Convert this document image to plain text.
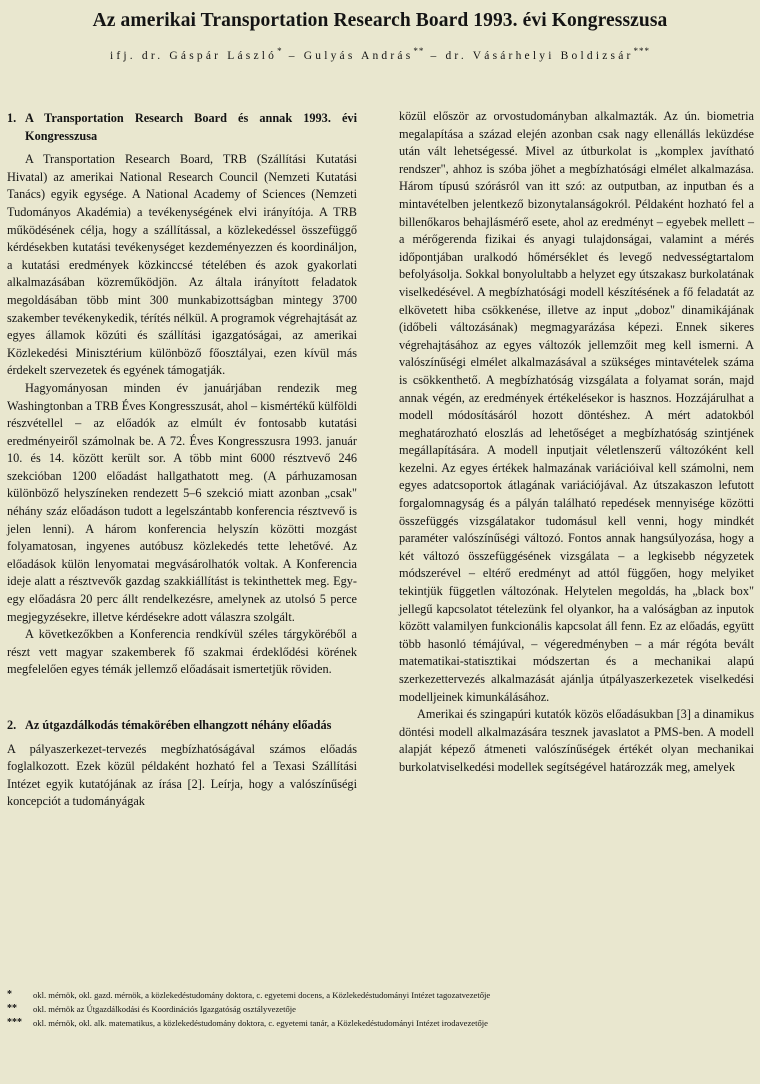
Az amerikai Transportation Research Board 1993. évi Kongresszusa
ifj. dr. Gáspár László* – Gulyás András** – dr. Vásárhelyi Boldizsár***
1. A Transportation Research Board és annak 1993. évi Kongresszusa

A Transportation Research Board, TRB (Szállítási Kutatási Hivatal) az amerikai National Research Council (Nemzeti Kutatási Tanács) egyik egysége. A National Academy of Sciences (Nemzeti Tudományos Akadémia) a tevékenységének elvi irányítója. A TRB működésének célja, hogy a szállítással, a közlekedéssel összefüggő kérdésekben kutatási tevékenységet kezdeményezzen és koordináljon, a kutatási eredmények közkinccsé tételében és azok gyakorlati alkalmazásában közreműködjön. Az általa irányított feladatok megoldásában több mint 300 munkabizottságban mintegy 3700 szakember tevékenykedik, térítés nélkül. A programok végrehajtását az egyes államok közúti és szállítási igazgatóságai, az amerikai Közlekedési Minisztérium különböző főosztályai, ezen kívül más érdekelt szervezetek és egyének támogatják.

Hagyományosan minden év januárjában rendezik meg Washingtonban a TRB Éves Kongresszusát, ahol – kismértékű külföldi részvétellel – az előadók az elmúlt év fontosabb kutatási eredményeiről számolnak be. A 72. Éves Kongresszusra 1993. január 10. és 14. között került sor. A több mint 6000 résztvevő 246 szekcióban 1200 előadást hallgathatott meg. (A párhuzamosan különböző helyszíneken rendezett 5–6 szekció miatt azonban „csak" néhány száz előadáson tudott a legelszántabb konferencia résztvevő is jelen lenni). A három konferencia helyszín közötti mozgást folyamatosan, ingyenes autóbusz közlekedés tette lehetővé. Az előadások külön lenyomatai megvásárolhatók voltak. A Konferencia ideje alatt a résztvevők gazdag szakkiállítást is tekinthettek meg. Egy-egy előadásra 20 perc állt rendelkezésre, amelynek az utolsó 5 perce megjegyzésekre, illetve kérdésekre adott válaszra szolgált.

A következőkben a Konferencia rendkívül széles tárgyköréből a részt vett magyar szakemberek fő szakmai érdeklődési körének megfelelően egyes témák jellemző előadásait ismertetjük röviden.

2. Az útgazdálkodás témakörében elhangzott néhány előadás

A pályaszerkezet-tervezés megbízhatóságával számos előadás foglalkozott. Ezek közül példaként hozható fel a Texasi Szállítási Intézet egyik kutatójának az írása [2]. Leírja, hogy a valószínűségi koncepciót a tudományágak

közül először az orvostudományban alkalmazták. Az ún. biometria megalapítása a század elején azonban csak nagy ellenállás leküzdése után vált lehetségessé. Mivel az útburkolat is „komplex javítható rendszer", ahhoz is szóba jöhet a megbízhatósági elmélet alkalmazása. Három típusú szórásról van itt szó: az outputban, az inputban és a mintavételben jelentkező bizonytalanságokról. Példaként hozható fel a billenőkaros behajlásmérő esete, ahol az eredményt – egyebek mellett – a mérőgerenda fizikai és anyagi tulajdonságai, valamint a mérés időpontjában uralkodó hőmérséklet és levegő nedvességtartalom befolyásolja. Sokkal bonyolultabb a helyzet egy útszakasz burkolatának viselkedésével. A megbízhatósági modell készítésének a fő feladatát az elkövetett hiba csökkenése, illetve az input „doboz" dinamikájának (időbeli változásának) megmagyarázása képezi. Ennek sikeres végrehajtásához az egyes változók jellemzőit meg kell ismerni. A valószínűségi elmélet alkalmazásával a szükséges mintavételek száma is csökkenthető. A megbízhatóság vizsgálata a folyamat során, majd annak végén, az eredmények értékelésekor is hasznos. Hozzájárulhat a modell módosításáról hozott döntéshez. A mért adatokból meghatározható eloszlás ad lehetőséget a megbízhatóság szintjének megállapítására. A modell inputjait véletlenszerű változóként kell kezelni. Az egyes értékek halmazának variációival kell számolni, nem egyes adatcsoportok átlagának variációjával. Az útszakaszon lefutott forgalomnagyság és a pályán található repedések mennyisége közötti összefüggés vizsgálatakor tudomásul kell venni, hogy mindkét paraméter valószínűségi változó. Fontos annak hangsúlyozása, hogy a két változó összefüggésének vizsgálata – a legkisebb négyzetek módszerével – eltérő eredményt ad attól függően, hogy melyiket tekintjük független változónak. Helytelen megoldás, ha „black box" jellegű kapcsolatot tételezünk fel olyankor, ha a valóságban az inputok között valamilyen funkcionális kapcsolat áll fenn. Ez az előadás, együtt több hasonló témájúval, – végeredményben – a már régóta bevált matematikai-statisztikai módszertan és a mechanikai alapú szerkezettervezés alkalmazását ajánlja útpályaszerkezetek viselkedési modelljeinek kimunkálásához.

Amerikai és szingapúri kutatók közös előadásukban [3] a dinamikus döntési modell alkalmazására tesznek javaslatot a PMS-ben. A modell alapját képező átmeneti valószínűségek értékét olyan mechanikai burkolatviselkedési modellek segítségével határozzák meg, amelyek

*	okl. mérnök, okl. gazd. mérnök, a közlekedéstudomány doktora, c. egyetemi docens, a Közlekedéstudományi Intézet tagozatvezetője
**	okl. mérnök az Útgazdálkodási és Koordinációs Igazgatóság osztályvezetője
***	okl. mérnök, okl. alk. matematikus, a közlekedéstudomány doktora, c. egyetemi tanár, a Közlekedéstudományi Intézet irodavezetője
